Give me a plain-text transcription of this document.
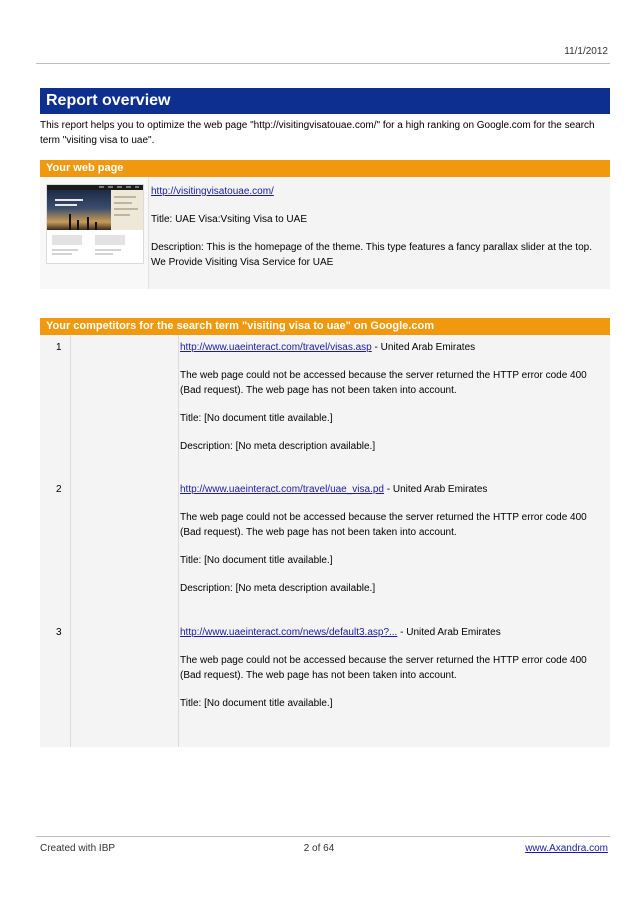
11/1/2012
Report overview
This report helps you to optimize the web page "http://visitingvisatouae.com/" for a high ranking on Google.com for the search term "visiting visa to uae".
Your web page
http://visitingvisatouae.com/
Title: UAE Visa:Vsiting Visa to UAE
Description: This is the homepage of the theme. This type features a fancy parallax slider at the top. We Provide Visiting Visa Service for UAE
Your competitors for the search term "visiting visa to uae" on Google.com
1	http://www.uaeinteract.com/travel/visas.asp - United Arab Emirates
The web page could not be accessed because the server returned the HTTP error code 400 (Bad request). The web page has not been taken into account.
Title: [No document title available.]
Description: [No meta description available.]
2	http://www.uaeinteract.com/travel/uae_visa.pd - United Arab Emirates
The web page could not be accessed because the server returned the HTTP error code 400 (Bad request). The web page has not been taken into account.
Title: [No document title available.]
Description: [No meta description available.]
3	http://www.uaeinteract.com/news/default3.asp?... - United Arab Emirates
The web page could not be accessed because the server returned the HTTP error code 400 (Bad request). The web page has not been taken into account.
Title: [No document title available.]
Created with IBP	2 of 64	www.Axandra.com
